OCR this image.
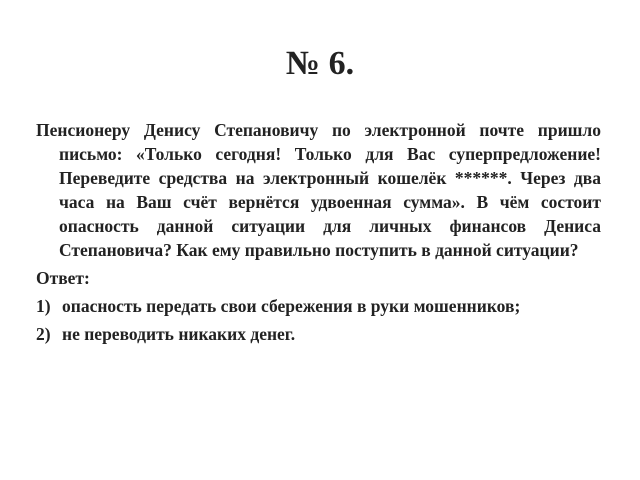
№ 6.

Пенсионеру Денису Степановичу по электронной почте пришло письмо: «Только сегодня! Только для Вас суперпредложение! Переведите средства на электронный кошелёк ******. Через два часа на Ваш счёт вернётся удвоенная сумма». В чём состоит опасность данной ситуации для личных финансов Дениса Степановича? Как ему правильно поступить в данной ситуации?

Ответ:

1) опасность передать свои сбережения в руки мошенников;
2) не переводить никаких денег.
